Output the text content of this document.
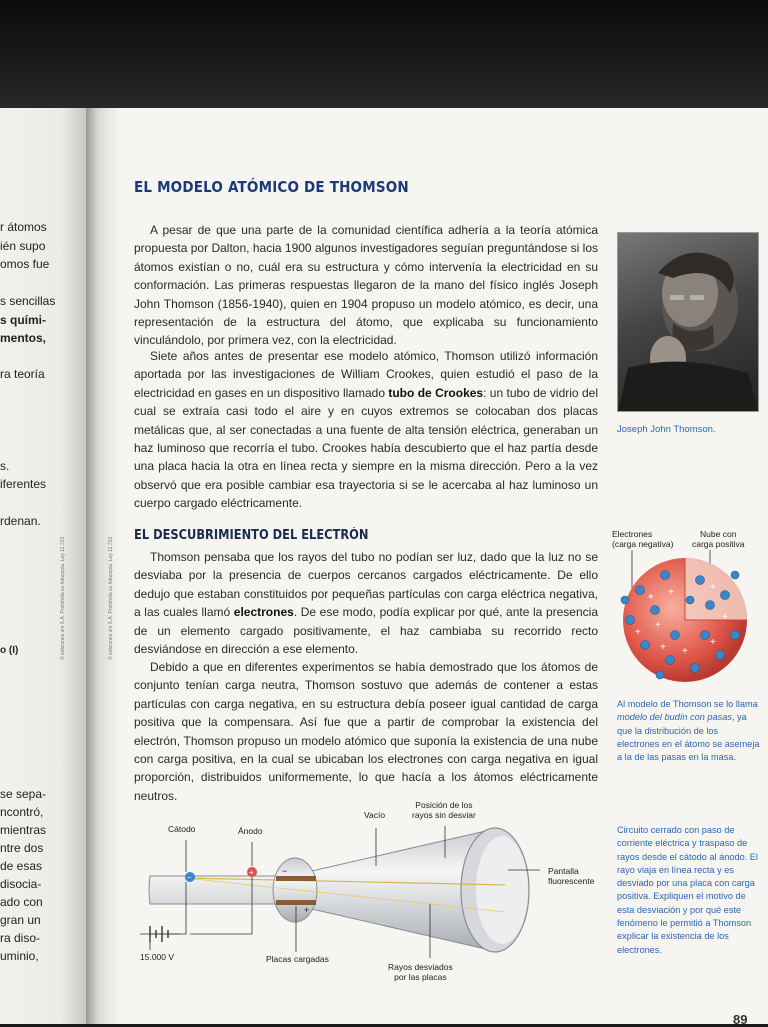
r átomos
ién supo
omos fue
s sencillas
s quími-
mentos,
ra teoría
s.
iferentes
rdenan.
o (I)
se sepa-
ncontró,
mientras
ntre dos
de esas
disocia-
ado con
gran un
ra diso-
uminio,
© ediciones sm S.A. Prohibida su fotocopia. Ley 11.723	© ediciones sm S.A. Prohibida su fotocopia. Ley 11.723
EL MODELO ATÓMICO DE THOMSON

A pesar de que una parte de la comunidad científica adhería a la teoría atómica propuesta por Dalton, hacia 1900 algunos investigadores seguían preguntándose si los átomos existían o no, cuál era su estructura y cómo intervenía la electricidad en su conformación. Las primeras respuestas llegaron de la mano del físico inglés Joseph John Thomson (1856-1940), quien en 1904 propuso un modelo atómico, es decir, una representación de la estructura del átomo, que explicaba su funcionamiento vinculándolo, por primera vez, con la electricidad.

Siete años antes de presentar ese modelo atómico, Thomson utilizó información aportada por las investigaciones de William Crookes, quien estudió el paso de la electricidad en gases en un dispositivo llamado tubo de Crookes: un tubo de vidrio del cual se extraía casi todo el aire y en cuyos extremos se colocaban dos placas metálicas que, al ser conectadas a una fuente de alta tensión eléctrica, generaban un haz luminoso que recorría el tubo. Crookes había descubierto que el haz partía desde una placa hacia la otra en línea recta y siempre en la misma dirección. Pero a la vez observó que era posible cambiar esa trayectoria si se le acercaba al haz luminoso un cuerpo cargado eléctricamente.

EL DESCUBRIMIENTO DEL ELECTRÓN

Thomson pensaba que los rayos del tubo no podían ser luz, dado que la luz no se desviaba por la presencia de cuerpos cercanos cargados eléctricamente. De ello dedujo que estaban constituidos por pequeñas partículas con carga eléctrica negativa, a las cuales llamó electrones. De ese modo, podía explicar por qué, ante la presencia de un elemento cargado positivamente, el haz cambiaba su recorrido recto desviándose en dirección a ese elemento.

Debido a que en diferentes experimentos se había demostrado que los átomos de conjunto tenían carga neutra, Thomson sostuvo que además de contener a estas partículas con carga negativa, en su estructura debía poseer igual cantidad de carga positiva que la compensara. Así fue que a partir de comprobar la existencia del electrón, Thomson propuso un modelo atómico que suponía la existencia de una nube con carga positiva, en la cual se ubicaban los electrones con carga negativa en igual proporción, distribuidos uniformemente, lo que hacía a los átomos eléctricamente neutros.

Joseph John Thomson.
Electrones
(carga negativa)
Nube con
carga positiva
+
+
+ +
+
+
+
+
+
Al modelo de Thomson se lo llama modelo del budín con pasas, ya que la distribución de los electrones en el átomo se asemeja a la de las pasas en la masa.
−
+
−
+
Cátodo	Ánodo
Vacío
Posición de los
rayos sin desviar
Pantalla
fluorescente
15.000 V	Placas cargadas
Rayos desviados
por las placas
Circuito cerrado con paso de corriente eléctrica y traspaso de rayos desde el cátodo al ánodo. El rayo viaja en línea recta y es desviado por una placa con carga positiva. Expliquen el motivo de esta desviación y por qué este fenómeno le permitió a Thomson explicar la existencia de los electrones.
89
